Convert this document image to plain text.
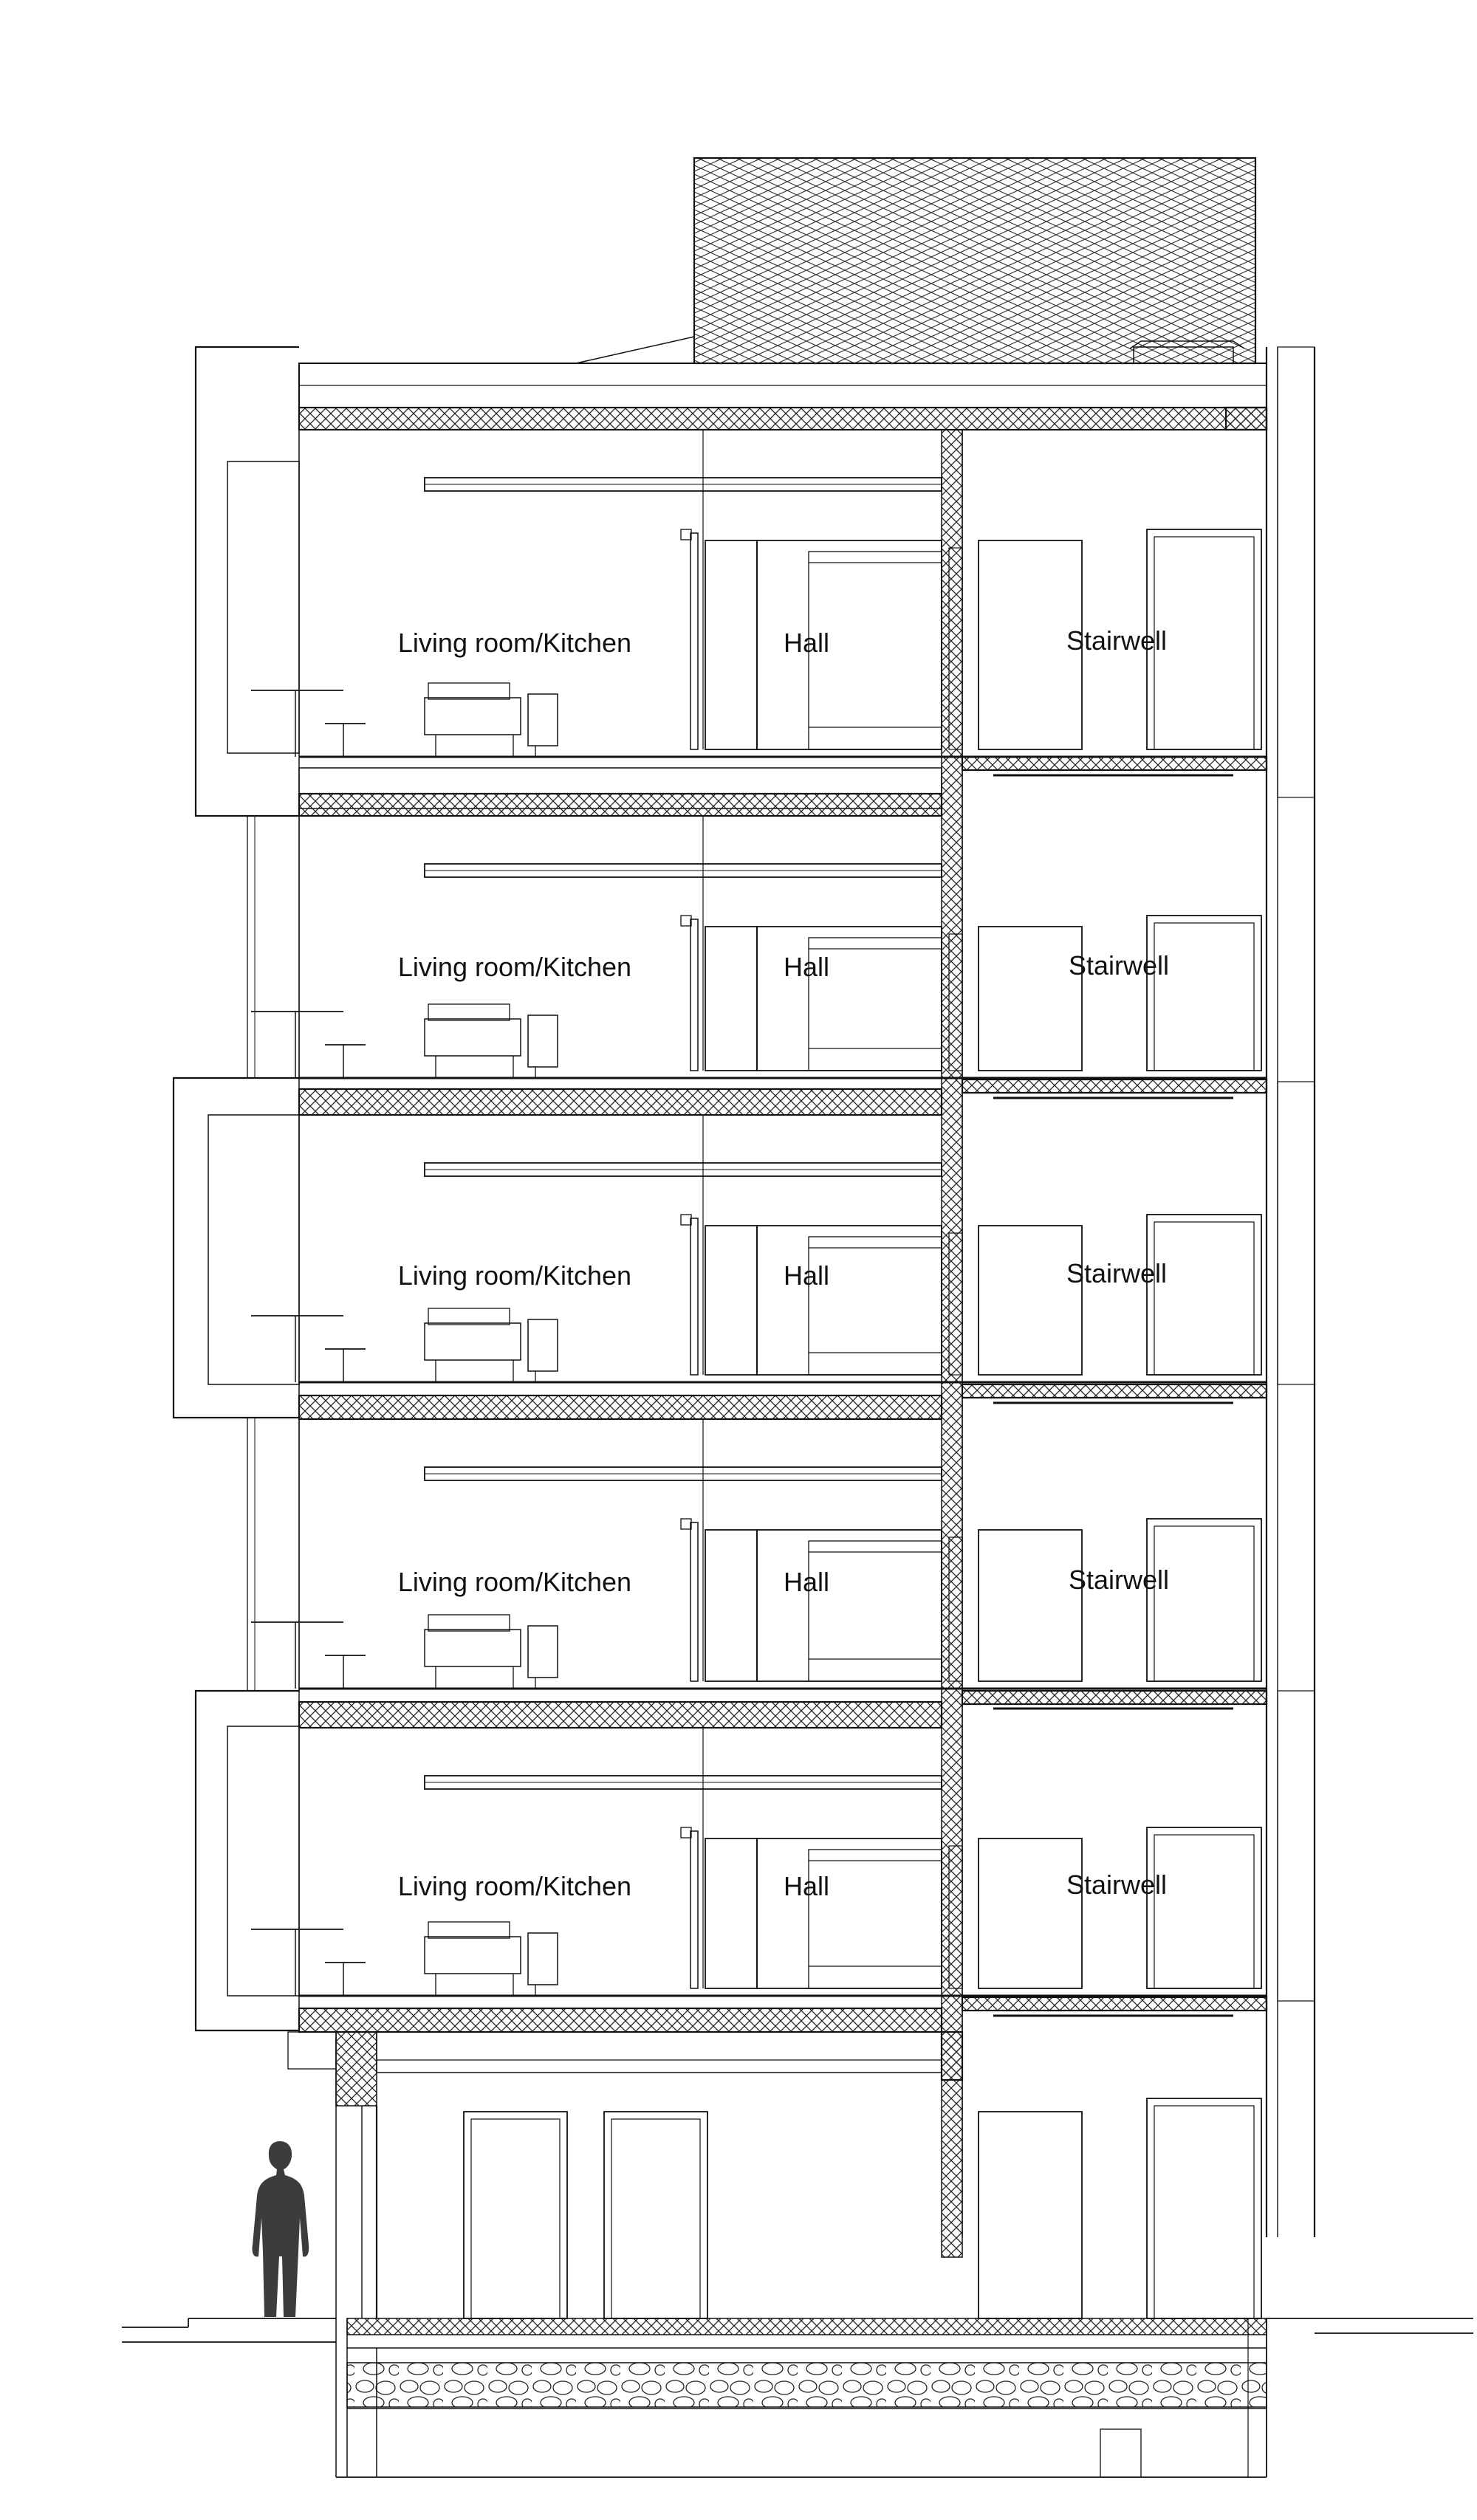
Living room/Kitchen	Hall	Stairwell
Living room/Kitchen	Hall	Stairwell
Living room/Kitchen	Hall	Stairwell
Living room/Kitchen	Hall	Stairwell
Living room/Kitchen	Hall	Stairwell
